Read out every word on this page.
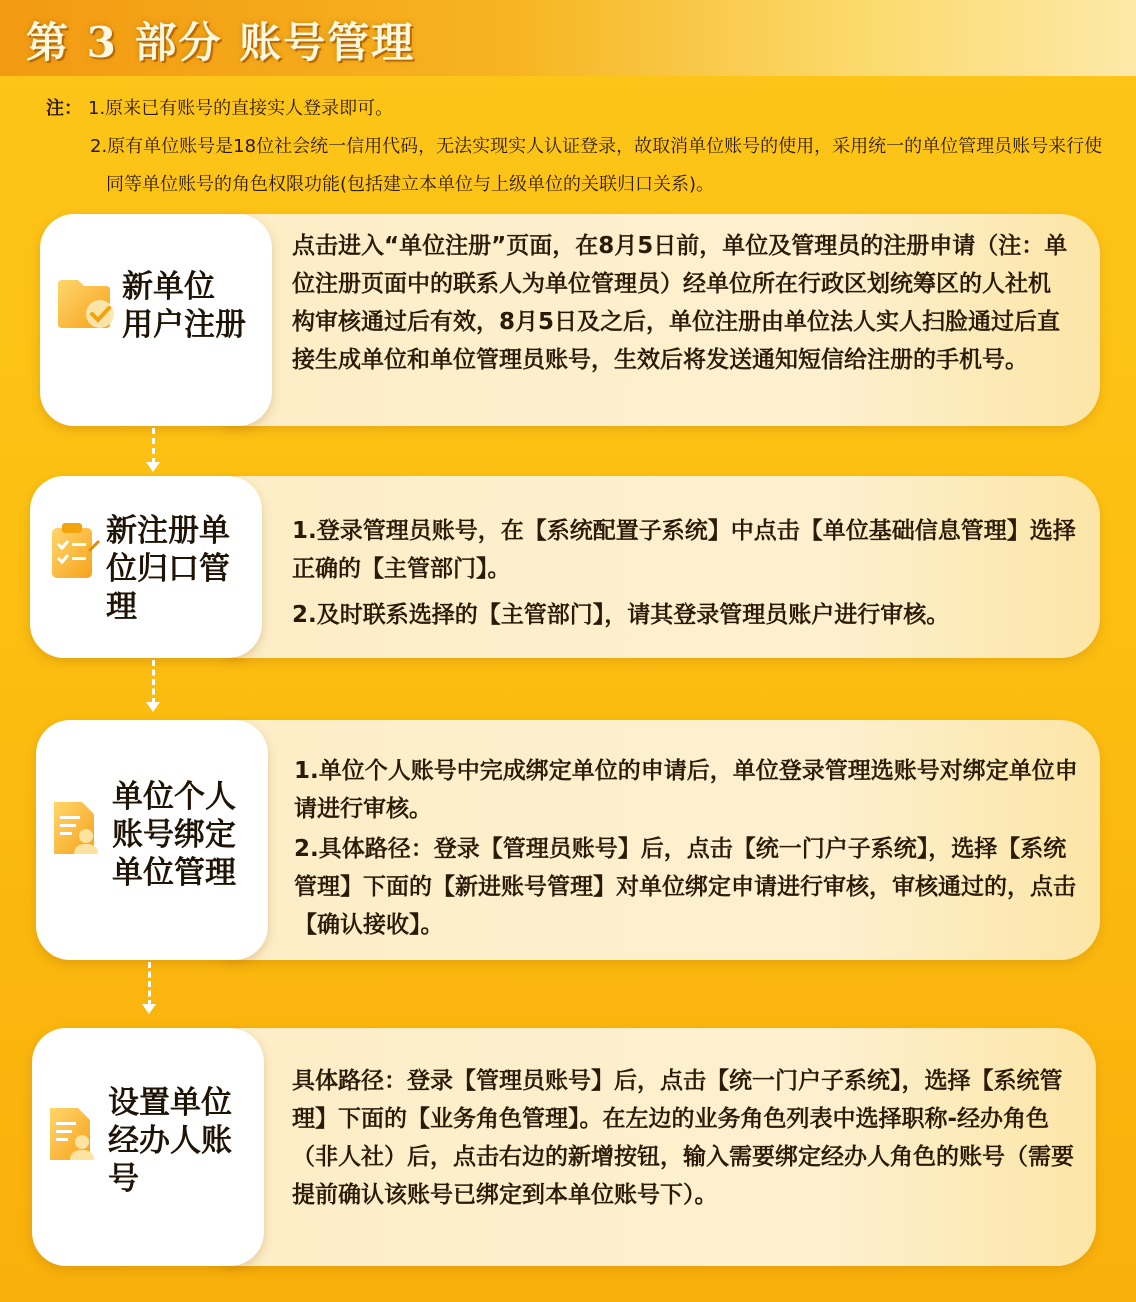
第 3 部分 账号管理
注： 1.原来已有账号的直接实人登录即可。
2.原有单位账号是18位社会统一信用代码，无法实现实人认证登录，故取消单位账号的使用，采用统一的单位管理员账号来行使同等单位账号的角色权限功能(包括建立本单位与上级单位的关联归口关系)。
新单位
用户注册

点击进入“单位注册”页面，在8月5日前，单位及管理员的注册申请（注：单位注册页面中的联系人为单位管理员）经单位所在行政区划统筹区的人社机构审核通过后有效，8月5日及之后，单位注册由单位法人实人扫脸通过后直接生成单位和单位管理员账号，生效后将发送通知短信给注册的手机号。

新注册单
位归口管
理

1.登录管理员账号，在【系统配置子系统】中点击【单位基础信息管理】选择正确的【主管部门】。

2.及时联系选择的【主管部门】，请其登录管理员账户进行审核。

单位个人
账号绑定
单位管理

1.单位个人账号中完成绑定单位的申请后，单位登录管理选账号对绑定单位申请进行审核。

2.具体路径：登录【管理员账号】后，点击【统一门户子系统】，选择【系统管理】下面的【新进账号管理】对单位绑定申请进行审核，审核通过的，点击【确认接收】。

设置单位
经办人账
号

具体路径：登录【管理员账号】后，点击【统一门户子系统】，选择【系统管理】下面的【业务角色管理】。在左边的业务角色列表中选择职称-经办角色（非人社）后，点击右边的新增按钮，输入需要绑定经办人角色的账号（需要提前确认该账号已绑定到本单位账号下）。
